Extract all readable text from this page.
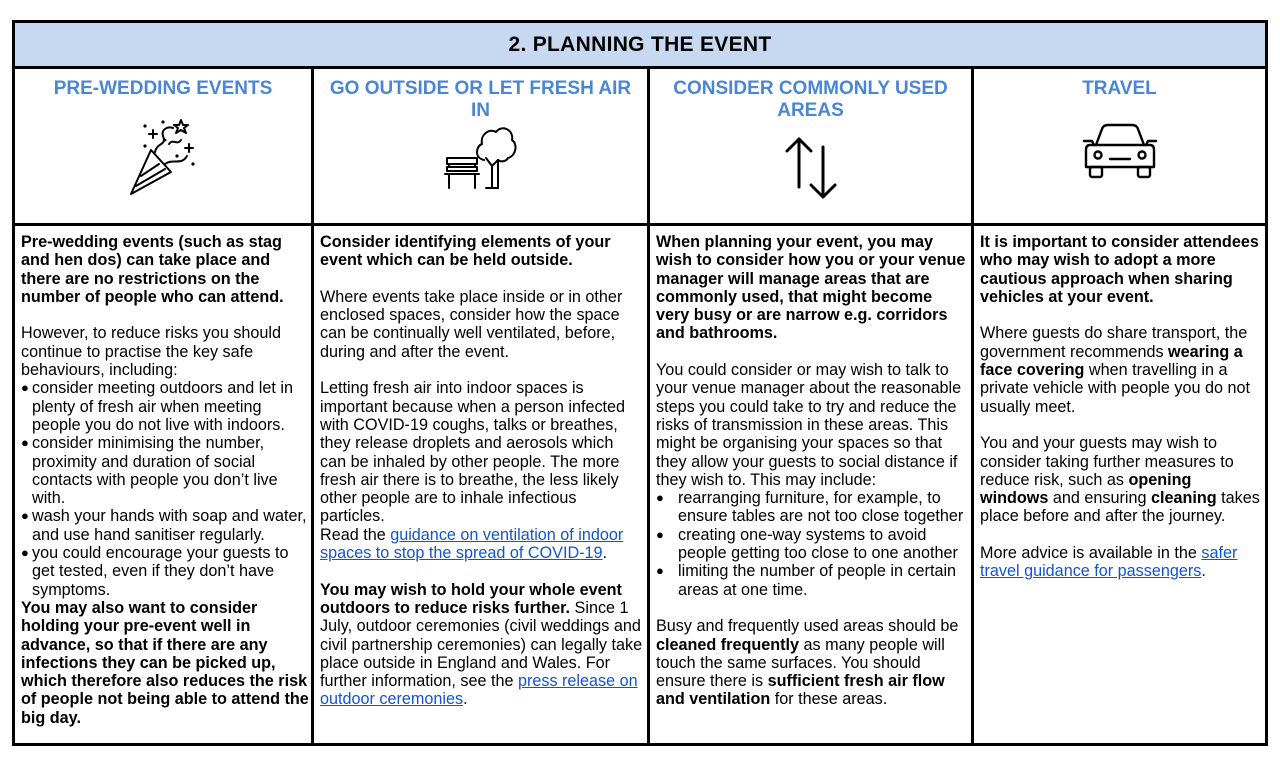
2. PLANNING THE EVENT
PRE-WEDDING EVENTS	GO OUTSIDE OR LET FRESH AIR IN
CONSIDER COMMONLY USED AREAS
TRAVEL

Pre-wedding events (such as stag and hen dos) can take place and there are no restrictions on the number of people who can attend.

However, to reduce risks you should continue to practise the key safe behaviours, including:

● consider meeting outdoors and let in plenty of fresh air when meeting people you do not live with indoors.
● consider minimising the number, proximity and duration of social contacts with people you don’t live with.
● wash your hands with soap and water, and use hand sanitiser regularly.
● you could encourage your guests to get tested, even if they don’t have symptoms.

You may also want to consider holding your pre-event well in advance, so that if there are any infections they can be picked up, which therefore also reduces the risk of people not being able to attend the big day.

Consider identifying elements of your event which can be held outside.

Where events take place inside or in other enclosed spaces, consider how the space can be continually well ventilated, before, during and after the event.

Letting fresh air into indoor spaces is important because when a person infected with COVID-19 coughs, talks or breathes, they release droplets and aerosols which can be inhaled by other people. The more fresh air there is to breathe, the less likely other people are to inhale infectious particles.

Read the guidance on ventilation of indoor spaces to stop the spread of COVID-19.

You may wish to hold your whole event outdoors to reduce risks further. Since 1 July, outdoor ceremonies (civil weddings and civil partnership ceremonies) can legally take place outside in England and Wales. For further information, see the press release on outdoor ceremonies.

When planning your event, you may wish to consider how you or your venue manager will manage areas that are commonly used, that might become very busy or are narrow e.g. corridors and bathrooms.

You could consider or may wish to talk to your venue manager about the reasonable steps you could take to try and reduce the risks of transmission in these areas. This might be organising your spaces so that they allow your guests to social distance if they wish to. This may include:

● rearranging furniture, for example, to ensure tables are not too close together
● creating one-way systems to avoid people getting too close to one another
● limiting the number of people in certain areas at one time.

Busy and frequently used areas should be cleaned frequently as many people will touch the same surfaces. You should ensure there is sufficient fresh air flow and ventilation for these areas.

It is important to consider attendees who may wish to adopt a more cautious approach when sharing vehicles at your event.

Where guests do share transport, the government recommends wearing a face covering when travelling in a private vehicle with people you do not usually meet.

You and your guests may wish to consider taking further measures to reduce risk, such as opening windows and ensuring cleaning takes place before and after the journey.

More advice is available in the safer travel guidance for passengers.
